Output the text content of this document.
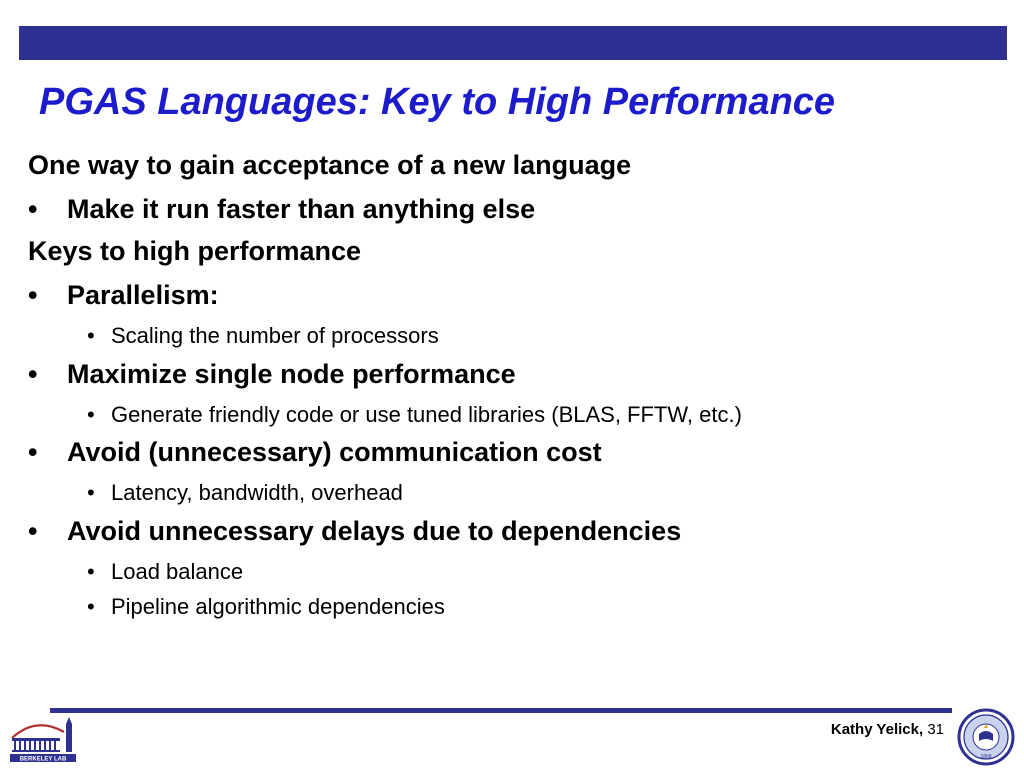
PGAS Languages: Key to High Performance
One way to gain acceptance of a new language
•	Make it run faster than anything else
Keys to high performance
•	Parallelism:
• Scaling the number of processors
•	Maximize single node performance
• Generate friendly code or use tuned libraries (BLAS, FFTW, etc.)
•	Avoid (unnecessary) communication cost
• Latency, bandwidth, overhead
•	Avoid unnecessary delays due to dependencies
• Load balance
• Pipeline algorithmic dependencies
Kathy Yelick, 31
BERKELEY LAB	1868
